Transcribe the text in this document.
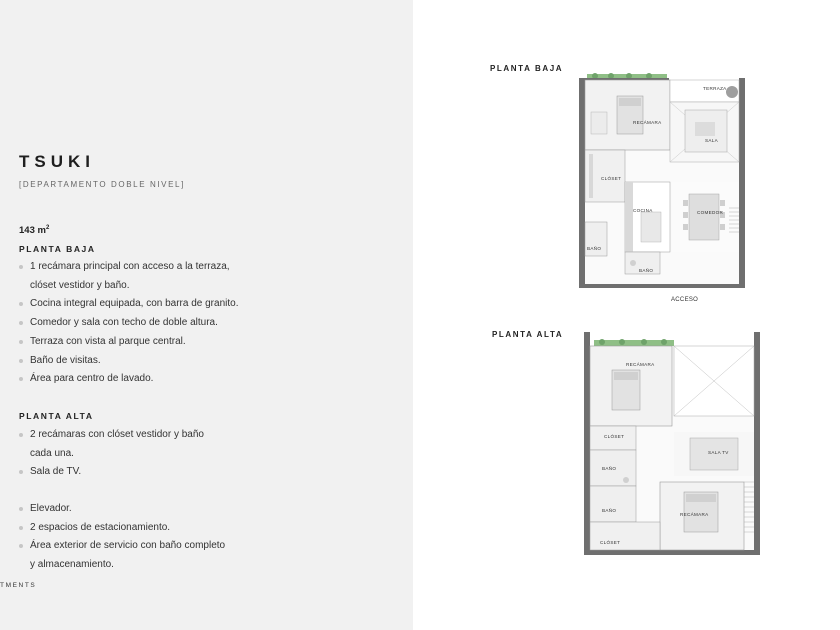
TSUKI
[DEPARTAMENTO DOBLE NIVEL]
143 $m^2$
PLANTA BAJA
1 recámara principal con acceso a la terraza,
clóset vestidor y baño.
Cocina integral equipada, con barra de granito.
Comedor y sala con techo de doble altura.
Terraza con vista al parque central.
Baño de visitas.
Área para centro de lavado.
PLANTA ALTA
2 recámaras con clóset vestidor y baño
cada una.
Sala de TV.
Elevador.
2 espacios de estacionamiento.
Área exterior de servicio con baño completo
y almacenamiento.
TMENTS
PLANTA BAJA
PLANTA ALTA
TERRAZA
RECÁMARA
SALA
CLÓSET
COCINA	COMEDOR
BAÑO
BAÑO
ACCESO
RECÁMARA
CLÓSET
SALA TV
BAÑO
BAÑO
RECÁMARA
CLÓSET
